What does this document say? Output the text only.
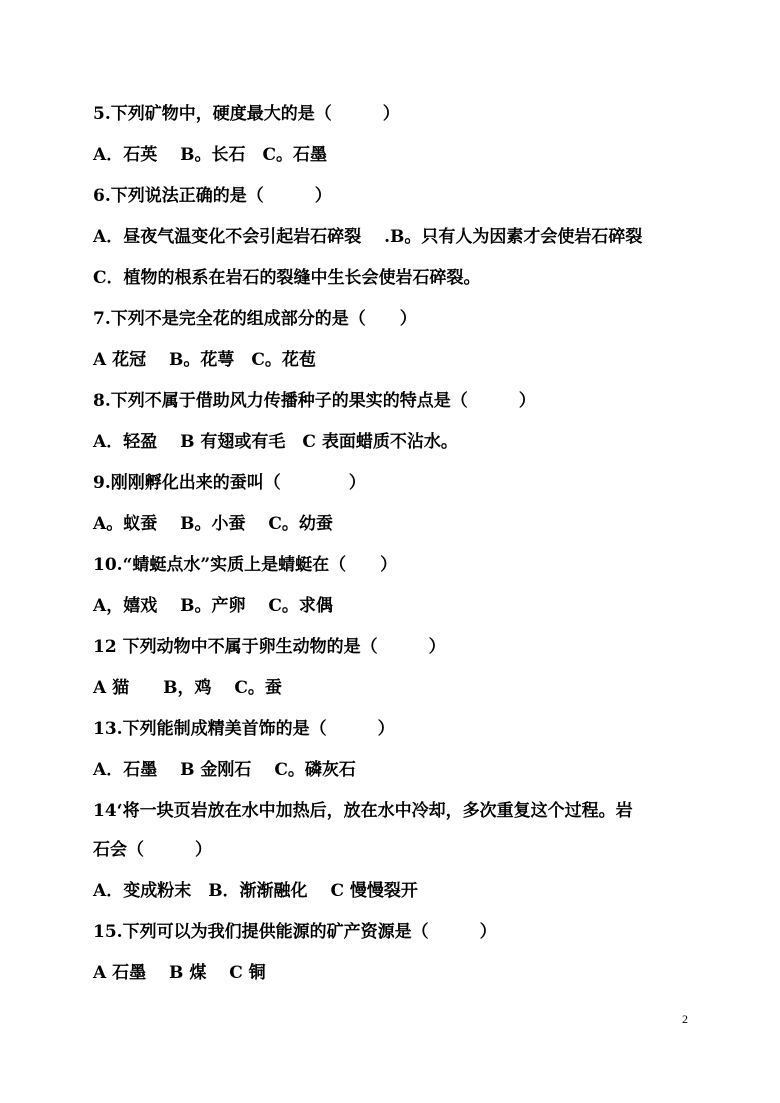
5.下列矿物中，硬度最大的是（　　　）
A．石英　 B。长石　C。石墨
6.下列说法正确的是（　　　）
A．昼夜气温变化不会引起岩石碎裂　 .B。只有人为因素才会使岩石碎裂
C．植物的根系在岩石的裂缝中生长会使岩石碎裂。
7.下列不是完全花的组成部分的是（　　）
A 花冠　 B。花萼　C。花苞
8.下列不属于借助风力传播种子的果实的特点是（　　　）
A．轻盈　 B 有翅或有毛　C 表面蜡质不沾水。
9.刚刚孵化出来的蚕叫（　　　　）
A。蚁蚕　 B。小蚕　 C。幼蚕
10.“蜻蜓点水”实质上是蜻蜓在（　　）
A，嬉戏　 B。产卵　 C。求偶
12 下列动物中不属于卵生动物的是（　　　）
A 猫　　B，鸡　 C。蚕
13.下列能制成精美首饰的是（　　　）
A．石墨　 B 金刚石　 C。磷灰石
14‘将一块页岩放在水中加热后，放在水中冷却，多次重复这个过程。岩
石会（　　　）
A．变成粉末　B．渐渐融化　 C 慢慢裂开
15.下列可以为我们提供能源的矿产资源是（　　　）
A 石墨　 B 煤　 C 铜
2
